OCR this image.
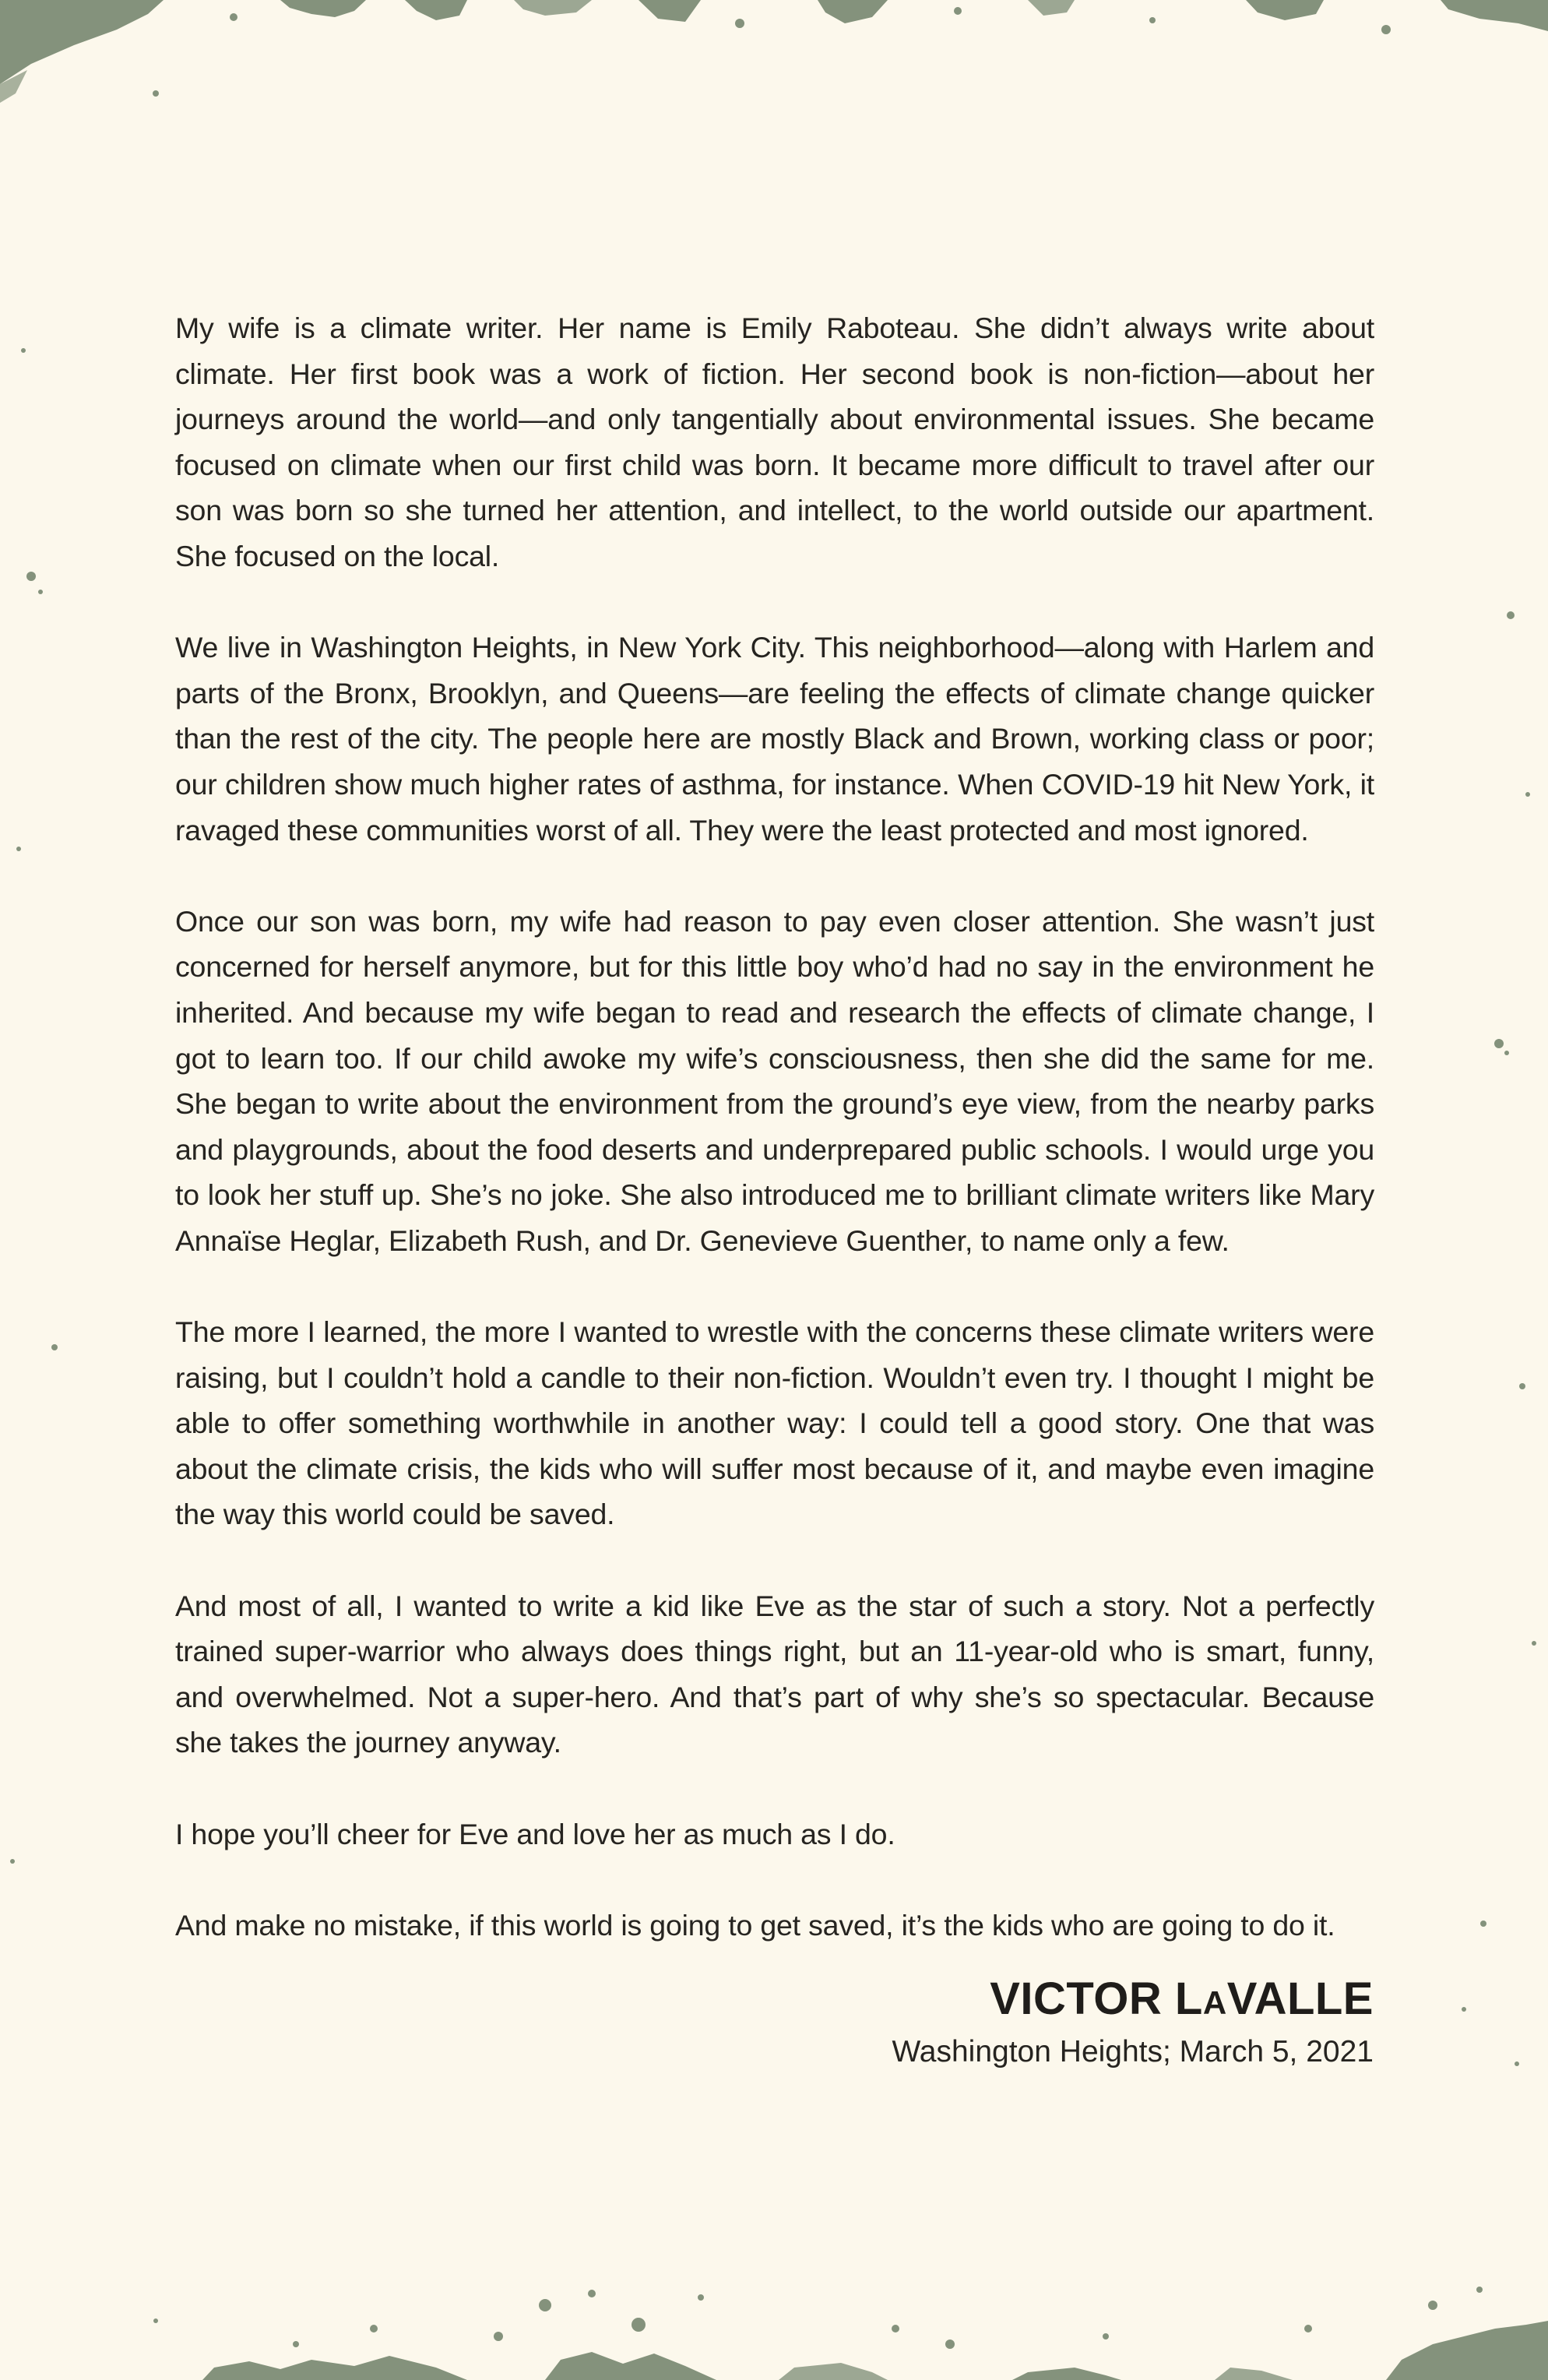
My wife is a climate writer. Her name is Emily Raboteau. She didn’t always write about climate. Her first book was a work of fiction. Her second book is non-fiction—about her journeys around the world—and only tangentially about environmental issues. She became focused on climate when our first child was born. It became more difficult to travel after our son was born so she turned her attention, and intellect, to the world outside our apartment. She focused on the local.

We live in Washington Heights, in New York City. This neighborhood—along with Harlem and parts of the Bronx, Brooklyn, and Queens—are feeling the effects of climate change quicker than the rest of the city. The people here are mostly Black and Brown, working class or poor; our children show much higher rates of asthma, for instance. When COVID-19 hit New York, it ravaged these communities worst of all. They were the least protected and most ignored.

Once our son was born, my wife had reason to pay even closer attention. She wasn’t just concerned for herself anymore, but for this little boy who’d had no say in the environment he inherited. And because my wife began to read and research the effects of climate change, I got to learn too. If our child awoke my wife’s consciousness, then she did the same for me. She began to write about the environment from the ground’s eye view, from the nearby parks and playgrounds, about the food deserts and underprepared public schools. I would urge you to look her stuff up. She’s no joke. She also introduced me to brilliant climate writers like Mary Annaïse Heglar, Elizabeth Rush, and Dr. Genevieve Guenther, to name only a few.

The more I learned, the more I wanted to wrestle with the concerns these climate writers were raising, but I couldn’t hold a candle to their non-fiction. Wouldn’t even try. I thought I might be able to offer something worthwhile in another way: I could tell a good story. One that was about the climate crisis, the kids who will suffer most because of it, and maybe even imagine the way this world could be saved.

And most of all, I wanted to write a kid like Eve as the star of such a story. Not a perfectly trained super-warrior who always does things right, but an 11-year-old who is smart, funny, and overwhelmed. Not a super-hero. And that’s part of why she’s so spectacular. Because she takes the journey anyway.

I hope you’ll cheer for Eve and love her as much as I do.

And make no mistake, if this world is going to get saved, it’s the kids who are going to do it.

VICTOR LAVALLE
Washington Heights; March 5, 2021
